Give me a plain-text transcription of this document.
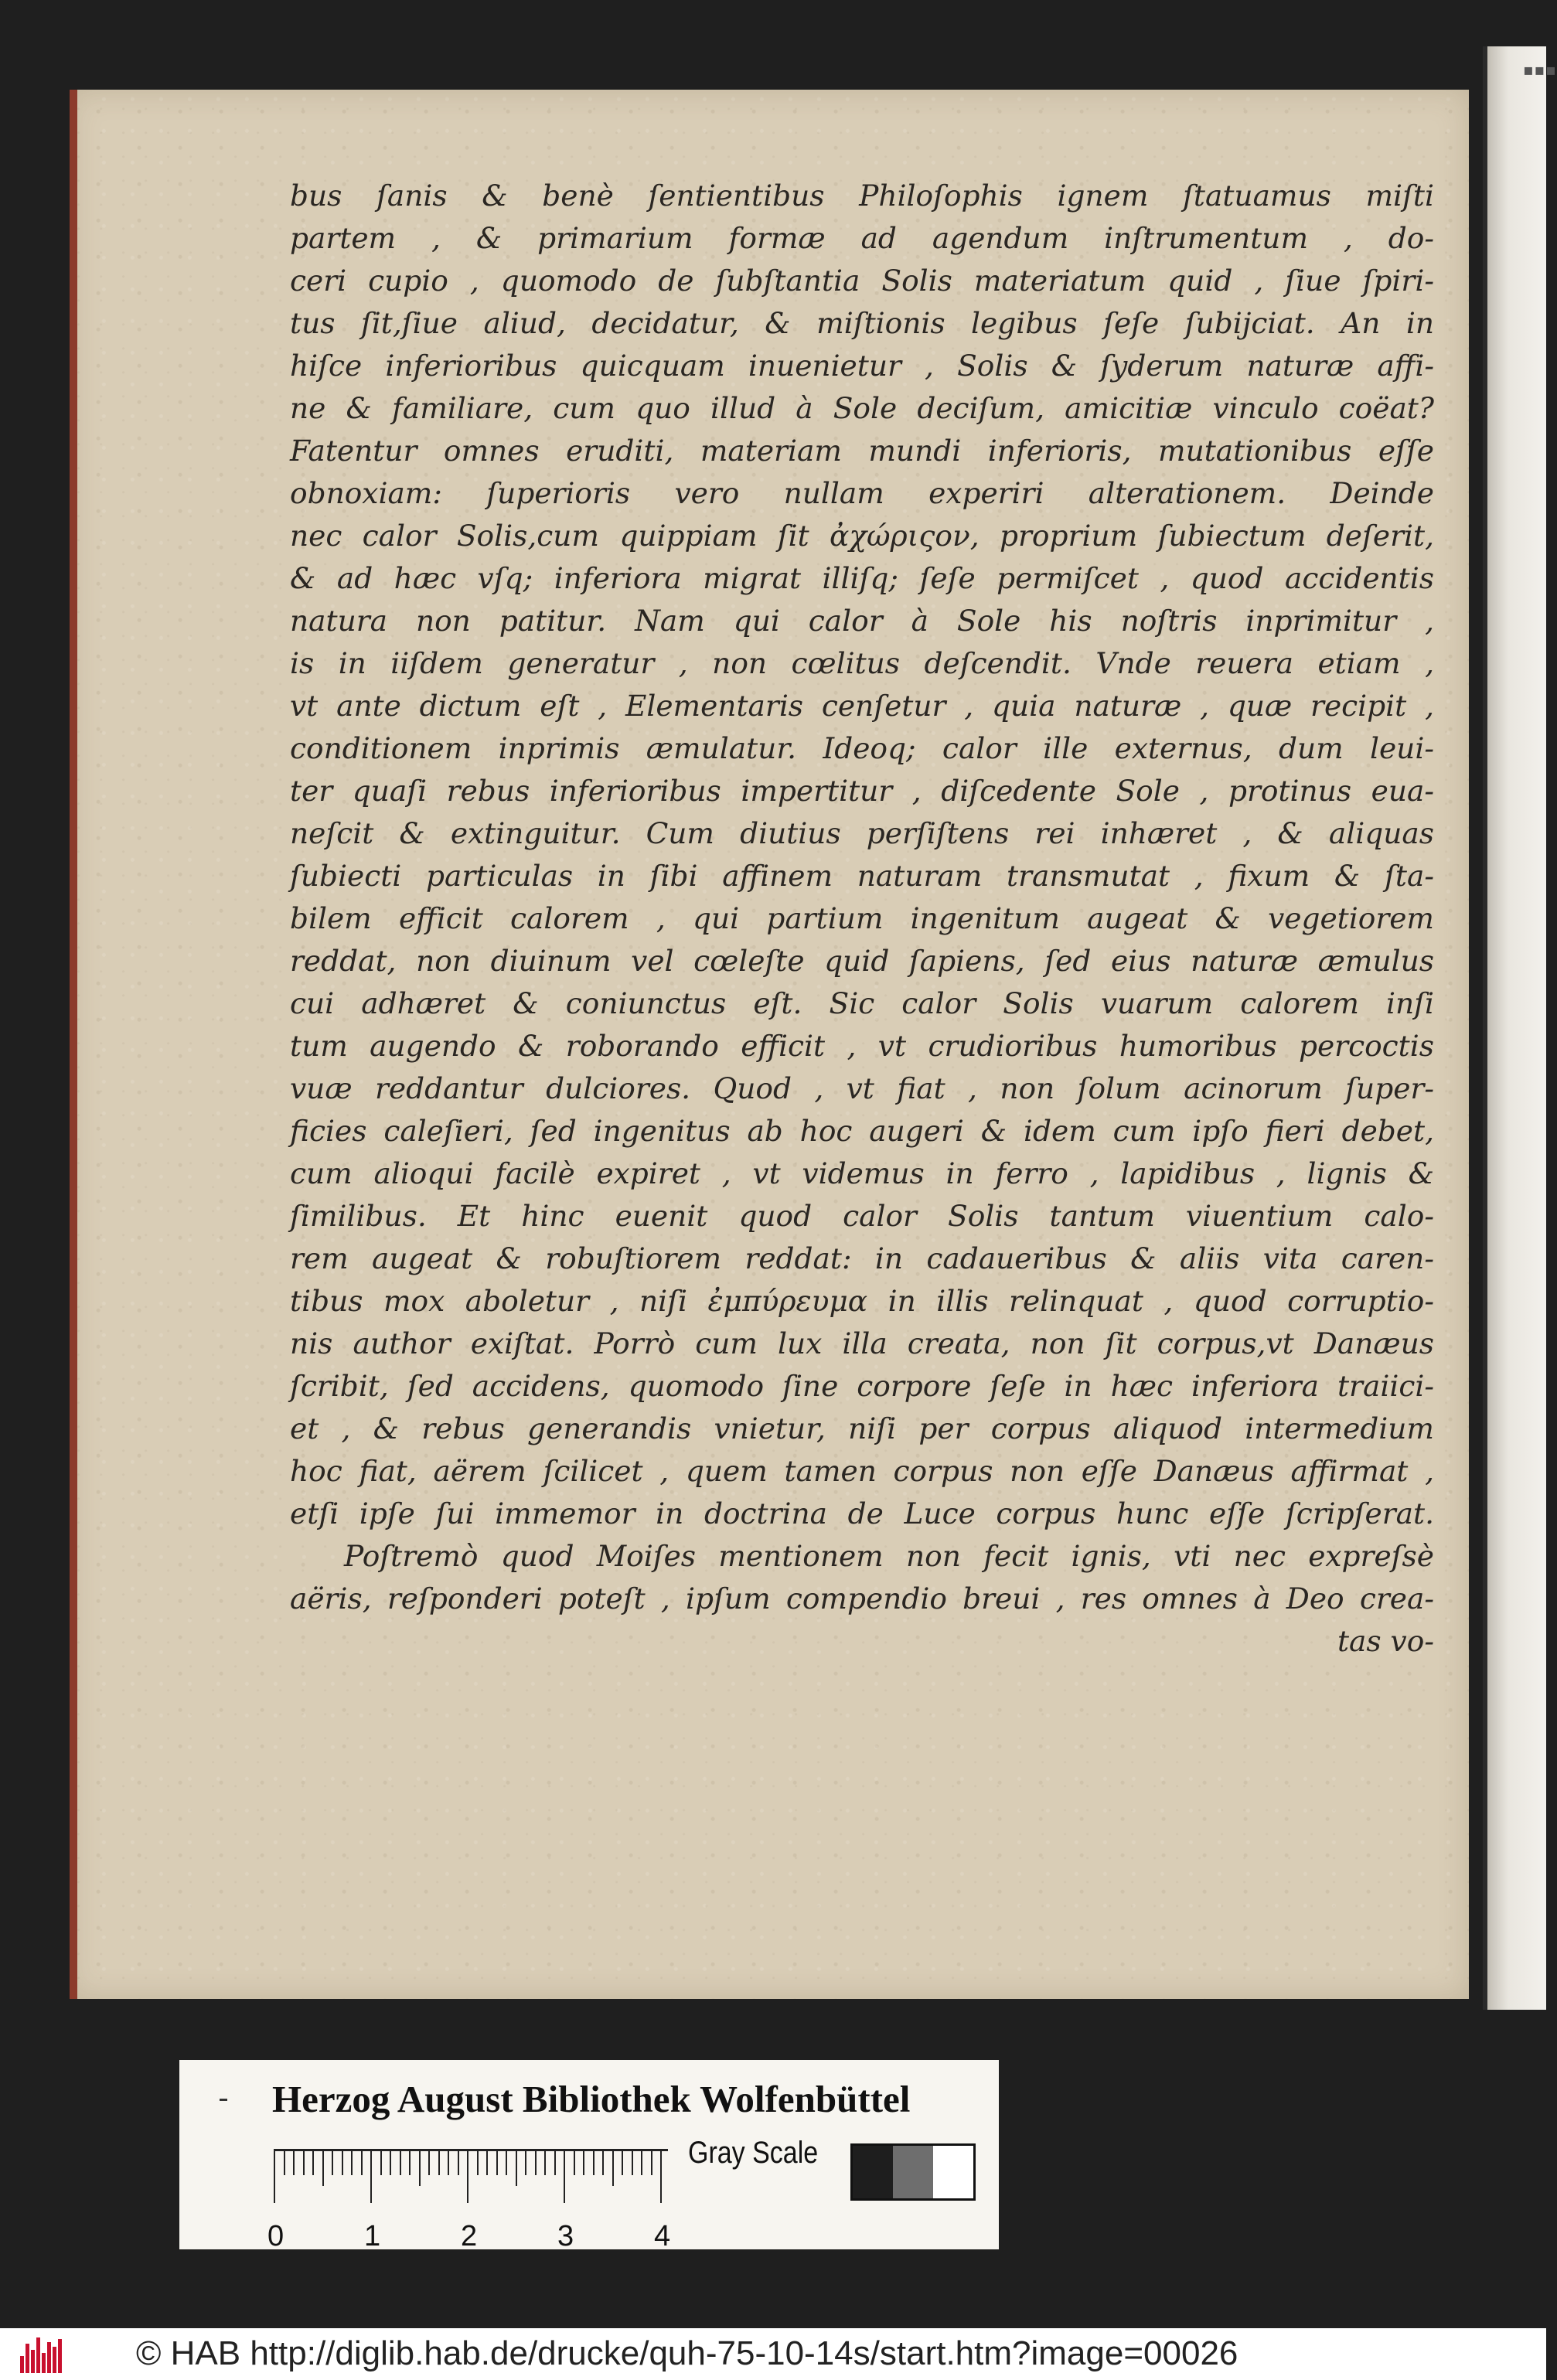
▪▪▪
bus ſanis & benè ſentientibus Philoſophis ignem ſtatuamus miſti
partem , & primarium formæ ad agendum inſtrumentum , do-
ceri cupio , quomodo de ſubſtantia Solis materiatum quid , ſiue ſpiri-
tus ſit,ſiue aliud, decidatur, & miſtionis legibus ſeſe ſubijciat. An in
hiſce inferioribus quicquam inuenietur , Solis & ſyderum naturæ affi-
ne & familiare, cum quo illud à Sole deciſum, amicitiæ vinculo coëat?
Fatentur omnes eruditi, materiam mundi inferioris, mutationibus eſſe
obnoxiam: ſuperioris vero nullam experiri alterationem. Deinde
nec calor Solis,cum quippiam ſit ἀχώριςον, proprium ſubiectum deſerit,
& ad hæc vſq; inferiora migrat illiſq; ſeſe permiſcet , quod accidentis
natura non patitur. Nam qui calor à Sole his noſtris inprimitur ,
is in iiſdem generatur , non cœlitus deſcendit. Vnde reuera etiam ,
vt ante dictum eſt , Elementaris cenſetur , quia naturæ , quæ recipit ,
conditionem inprimis æmulatur. Ideoq; calor ille externus, dum leui-
ter quaſi rebus inferioribus impertitur , diſcedente Sole , protinus eua-
neſcit & extinguitur. Cum diutius perſiſtens rei inhæret , & aliquas
ſubiecti particulas in ſibi affinem naturam transmutat , fixum & ſta-
bilem efficit calorem , qui partium ingenitum augeat & vegetiorem
reddat, non diuinum vel cœleſte quid ſapiens, ſed eius naturæ æmulus
cui adhæret & coniunctus eſt. Sic calor Solis vuarum calorem inſi
tum augendo & roborando efficit , vt crudioribus humoribus percoctis
vuæ reddantur dulciores. Quod , vt fiat , non ſolum acinorum ſuper-
ficies caleſieri, ſed ingenitus ab hoc augeri & idem cum ipſo fieri debet,
cum alioqui facilè expiret , vt videmus in ferro , lapidibus , lignis &
ſimilibus. Et hinc euenit quod calor Solis tantum viuentium calo-
rem augeat & robuſtiorem reddat: in cadaueribus & aliis vita caren-
tibus mox aboletur , niſi ἐμπύρευμα in illis relinquat , quod corruptio-
nis author exiſtat. Porrò cum lux illa creata, non ſit corpus,vt Danæus
ſcribit, ſed accidens, quomodo ſine corpore ſeſe in hæc inferiora traiici-
et , & rebus generandis vnietur, niſi per corpus aliquod intermedium
hoc fiat, aërem ſcilicet , quem tamen corpus non eſſe Danæus affirmat ,
etſi ipſe ſui immemor in doctrina de Luce corpus hunc eſſe ſcripſerat.
Poſtremò quod Moiſes mentionem non fecit ignis, vti nec expreſsè
aëris, reſponderi poteſt , ipſum compendio breui , res omnes à Deo crea-
tas vo-
Herzog August Bibliothek Wolfenbüttel
0	1	2	3	4
Gray Scale
© HAB http://diglib.hab.de/drucke/quh-75-10-14s/start.htm?image=00026
